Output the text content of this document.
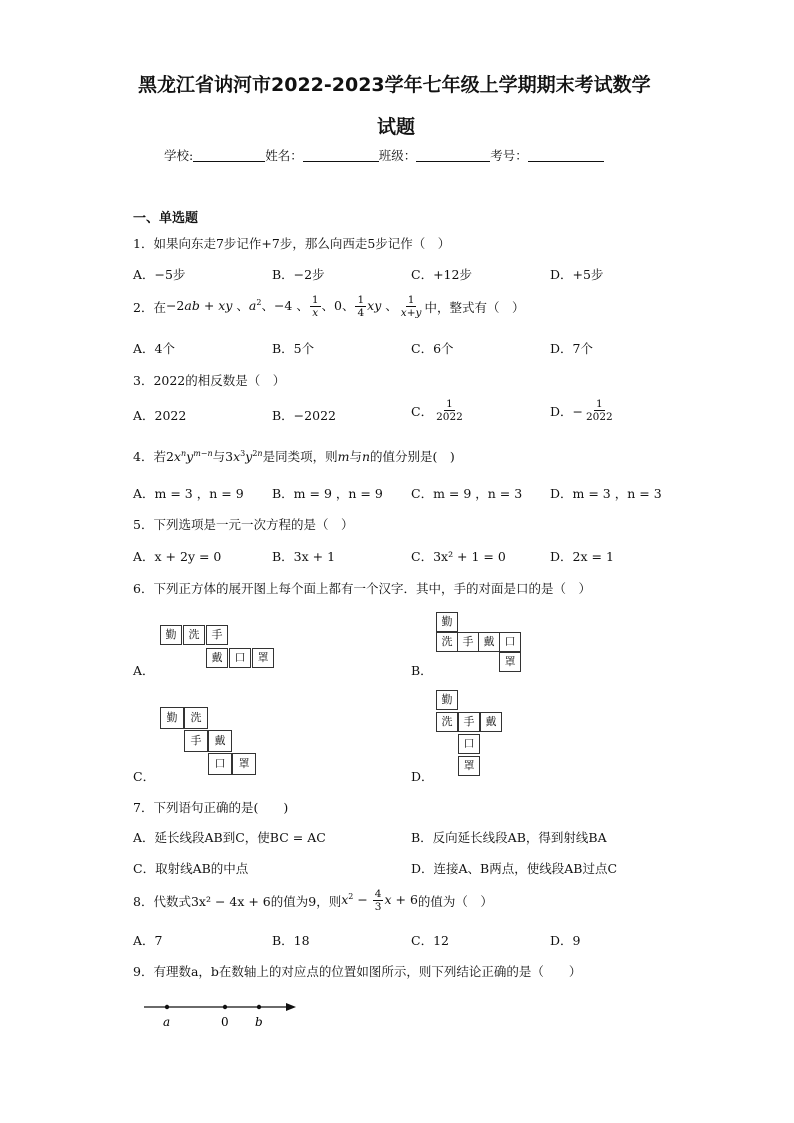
黑龙江省讷河市2022-2023学年七年级上学期期末考试数学
试题
学校:	姓名：	班级：	考号：
一、单选题
1．如果向东走7步记作+7步，那么向西走5步记作（　）
A．−5步	B．−2步	C．+12步	D．+5步
2．在 −2ab + xy 、$a^2$、−4 、 $\frac{1}{x}$ 、0、 $\frac{1}{4}$ xy 、 $\frac{1}{x+y}$ 中，整式有（　）
A．4个	B．5个	C．6个	D．7个
3．2022的相反数是（　）
A．2022	B．−2022	C． $\frac{1}{2022}$	D．− $\frac{1}{2022}$
4．若$2x^ny^{m-n}$与$3x^3y^{2n}$是同类项，则m与n的值分别是(　)
A．m = 3 ，n = 9 B．m = 9 ，n = 9 C．m = 9 ，n = 3 D．m = 3 ，n = 3
5．下列选项是一元一次方程的是（　）
A．x + 2y = 0	B．3x + 1	C．3x² + 1 = 0	D．2x = 1
6．下列正方体的展开图上每个面上都有一个汉字．其中，手的对面是口的是（　）
A．
勤	洗	手
戴	口	罩
B．
勤
洗 手 戴 口
罩
C．
勤	洗
手	戴
口	罩
D．
勤
洗	手	戴
口
罩
7．下列语句正确的是(　　)
A．延长线段AB到C，使BC = AC	B．反向延长线段AB，得到射线BA
C．取射线AB的中点	D．连接A、B两点，使线段AB过点C
8．代数式3x² − 4x + 6的值为9，则 $x^2 - \frac{4}{3}$ x + 6 的值为（　）
A．7	B．18	C．12	D．9
9．有理数a，b在数轴上的对应点的位置如图所示，则下列结论正确的是（　　）
a	0 b
